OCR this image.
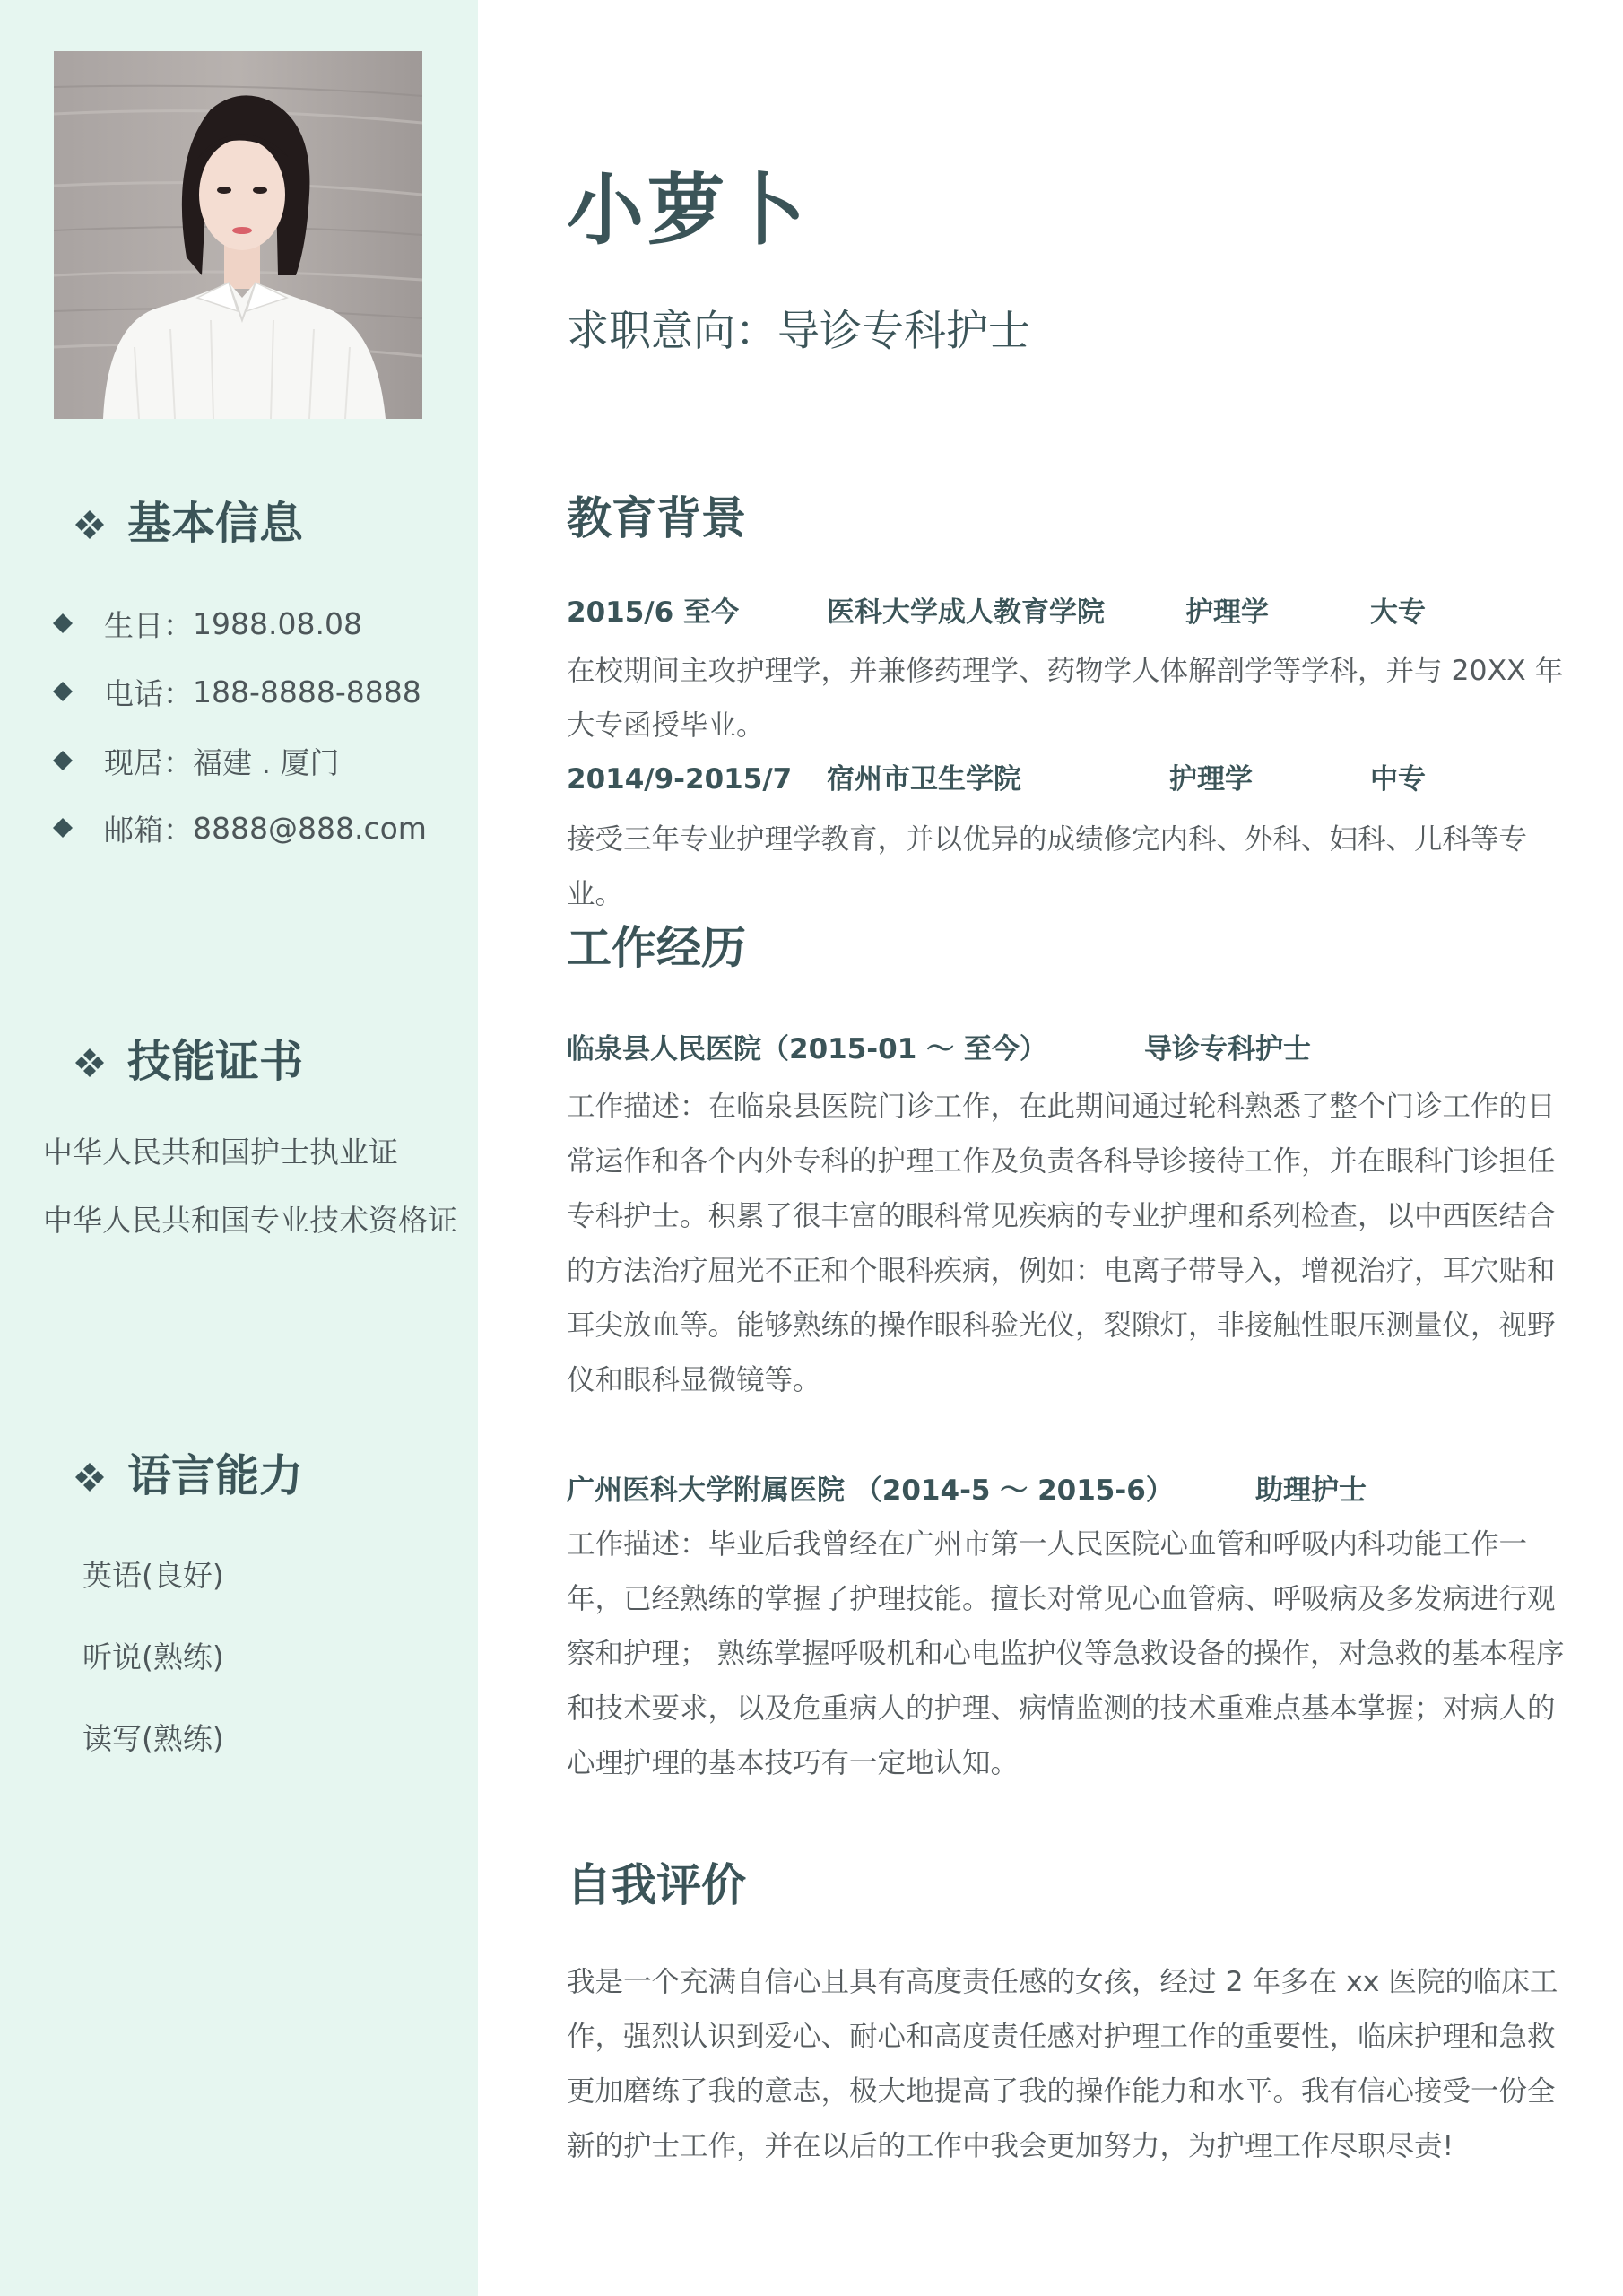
基本信息
生日： 1988.08.08
电话： 188-8888-8888
现居： 福建 . 厦门
邮箱： 8888@888.com
技能证书
中华人民共和国护士执业证
中华人民共和国专业技术资格证
语言能力
英语(良好)
听说(熟练)
读写(熟练)
小萝卜
求职意向：导诊专科护士
教育背景
2015/6 至今	医科大学成人教育学院	护理学	大专

在校期间主攻护理学，并兼修药理学、药物学人体解剖学等学科，并与 20XX 年大专函授毕业。

2014/9-2015/7 宿州市卫生学院	护理学	中专

接受三年专业护理学教育，并以优异的成绩修完内科、外科、妇科、儿科等专业。

工作经历
临泉县人民医院（2015-01 ～ 至今）	导诊专科护士

工作描述：在临泉县医院门诊工作，在此期间通过轮科熟悉了整个门诊工作的日常运作和各个内外专科的护理工作及负责各科导诊接待工作，并在眼科门诊担任专科护士。积累了很丰富的眼科常见疾病的专业护理和系列检查，以中西医结合的方法治疗屈光不正和个眼科疾病，例如：电离子带导入，增视治疗，耳穴贴和耳尖放血等。能够熟练的操作眼科验光仪，裂隙灯，非接触性眼压测量仪，视野仪和眼科显微镜等。

广州医科大学附属医院 （2014-5 ～ 2015-6）	助理护士

工作描述：毕业后我曾经在广州市第一人民医院心血管和呼吸内科功能工作一年，已经熟练的掌握了护理技能。擅长对常见心血管病、呼吸病及多发病进行观察和护理； 熟练掌握呼吸机和心电监护仪等急救设备的操作，对急救的基本程序和技术要求，以及危重病人的护理、病情监测的技术重难点基本掌握；对病人的心理护理的基本技巧有一定地认知。

自我评价

我是一个充满自信心且具有高度责任感的女孩，经过 2 年多在 xx 医院的临床工作，强烈认识到爱心、耐心和高度责任感对护理工作的重要性，临床护理和急救更加磨练了我的意志，极大地提高了我的操作能力和水平。我有信心接受一份全新的护士工作，并在以后的工作中我会更加努力，为护理工作尽职尽责!
